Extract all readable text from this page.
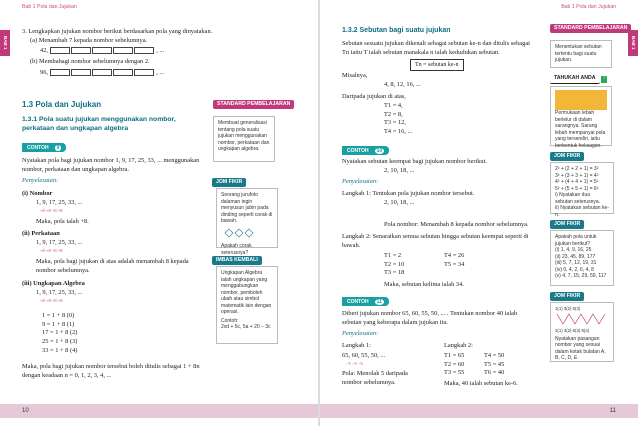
Bab 1 Pola dan Jujukan
BAB 1
3. Lengkapkan jujukan nombor berikut berdasarkan pola yang dinyatakan.
(a) Menambah 7 kepada nombor sebelumnya.
42,	, ...
(b) Membahagi nombor sebelumnya dengan 2.
96,	, ...
1.3 Pola dan Jujukan
1.3.1 Pola suatu jujukan menggunakan nombor, perkataan dan ungkapan algebra
CONTOH 9
Nyatakan pola bagi jujukan nombor 1, 9, 17, 25, 33, ... menggunakan nombor, perkataan dan ungkapan algebra.
Penyelesaian:
(i) Nombor
1, 9, 17, 25, 33, ...
+8 +8 +8 +8
Maka, pola ialah +8.
(ii) Perkataan
1, 9, 17, 25, 33, ...
+8 +8 +8 +8
Maka, pola bagi jujukan di atas adalah menambah 8 kepada nombor sebelumnya.
(iii) Ungkapan Algebra
1, 9, 17, 25, 33, ...
+8 +8 +8 +8
1 = 1 + 8 (0)
9 = 1 + 8 (1)
17 = 1 + 8 (2)
25 = 1 + 8 (3)
33 = 1 + 8 (4)
Maka, pola bagi jujukan nombor tersebut boleh ditulis sebagai 1 + 8n dengan keadaan n = 0, 1, 2, 3, 4, ...
STANDARD PEMBELAJARAN
Membuat generalisasi tentang pola suatu jujukan menggunakan nombor, perkataan dan ungkapan algebra.
JOM FIKIR
Seorang jurufoto dalaman ingin menyusun jubin pada dinding seperti corak di bawah.
Apakah corak seterusnya?
IMBAS KEMBALI
Ungkapan Algebra ialah ungkapan yang menggabungkan nombor, pemboleh ubah atau simbol matematik lain dengan operasi.
Contoh:
2xd + 5c, 5a + 20 − 3c
10
Bab 1 Pola dan Jujukan
BAB 1
1.3.2 Sebutan bagi suatu jujukan
Sebutan sesuatu jujukan dikenali sebagai sebutan ke-n dan ditulis sebagai Tn iaitu T ialah sebutan manakala n ialah kedudukan sebutan.
Tn = sebutan ke-n
Misalnya,
4, 8, 12, 16, ...
Daripada jujukan di atas,
T1 = 4,
T2 = 8,
T3 = 12,
T4 = 16, ...
CONTOH 10
Nyatakan sebutan keempat bagi jujukan nombor berikut.
2, 10, 18, ...
Penyelesaian:
Langkah 1: Tentukan pola jujukan nombor tersebut.
2, 10, 18, ...
Pola nombor: Menambah 8 kepada nombor sebelumnya.
Langkah 2: Senaraikan semua sebutan hingga sebutan keempat seperti di bawah.
T1 = 2
T2 = 10
T3 = 18
T4 = 26
T5 = 34
Maka, sebutan kelima ialah 34.
CONTOH 11
Diberi jujukan nombor 65, 60, 55, 50, ... . Tentukan nombor 40 ialah sebutan yang keberapa dalam jujukan itu.
Penyelesaian:
Langkah 1:
65, 60, 55, 50, ...
−5 −5 −5
Pola: Menolak 5 daripada nombor sebelumnya.
Langkah 2:
T1 = 65
T2 = 60
T3 = 55
T4 = 50
T5 = 45
T6 = 40
Maka, 40 ialah sebutan ke-6.
STANDARD PEMBELAJARAN
Menentukan sebutan tertentu bagi suatu jujukan.
TAHUKAH ANDA ?
Permukaan lebah berlelur di dalam sarangnya. Sarang lebah mempunyai pola yang tersendiri, iaitu berbentuk heksagon.
JOM FIKIR
2² + (2 + 2 + 1) = 3²
3² + (3 + 3 + 1) = 4²
4² + (4 + 4 + 1) = 5²
5² + (5 + 5 + 1) = 6²
i) Nyatakan dua sebutan seterusnya.
ii) Nyatakan sebutan ke-n.
JOM FIKIR
Apakah pola untuk jujukan berikut?
(i) 1, 4, 9, 16, 25
(ii) 23, 45, 89, 177
(iii) 5, 7, 12, 19, 31
(iv) 0, 4, 2, 6, 4, 8
(v) 4, 7, 15, 29, 59, 117
JOM FIKIR
1(1) 3(2) 5(3)
2(1) 4(2) 6(3) 8(4)
Nyatakan pasangan nombor yang sesuai dalam kotak bulatan A, B, C, D, E.
11
